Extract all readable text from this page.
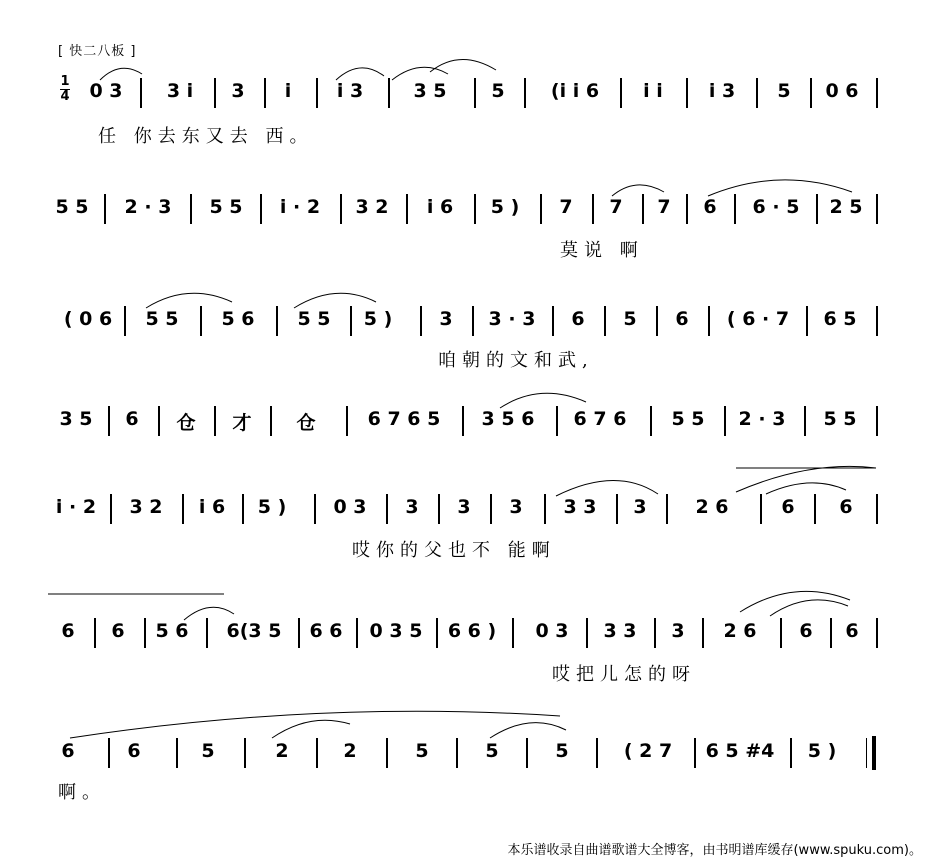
[ 快二八板 ]
1
4 0 3 3 i 3 i i 3	3 5 5 (i i 6 i i i 3 5 0 6
任 你去东又去 西。
5 5 2 · 3 5 5 i · 2 3 2 i 6 5 ) 7 7 7 6 6 · 5 2 5
莫说 啊
( 0 6 5 5 5 6 5 5 5 ) 3 3 · 3 6 5 6 ( 6 · 7 6 5
咱朝的文和武,
3 5 6 仓 才 仓	6 7 6 5 3 5 6 6 7 6 5 5 2 · 3 5 5
i · 2 3 2 i 6 5 ) 0 3 3 3 3 3 3 3	2 6	6 6
哎你的父也不 能啊
6 6 5 6 6(3 5 6 6 0 3 5 6 6 ) 0 3 3 3 3 2 6 6 6
哎把儿怎的呀
6	6	5	2	2	5	5	5	( 2 7 6 5 #4 5 )
啊。
本乐谱收录自曲谱歌谱大全博客，由书明谱库缓存(www.spuku.com)。
